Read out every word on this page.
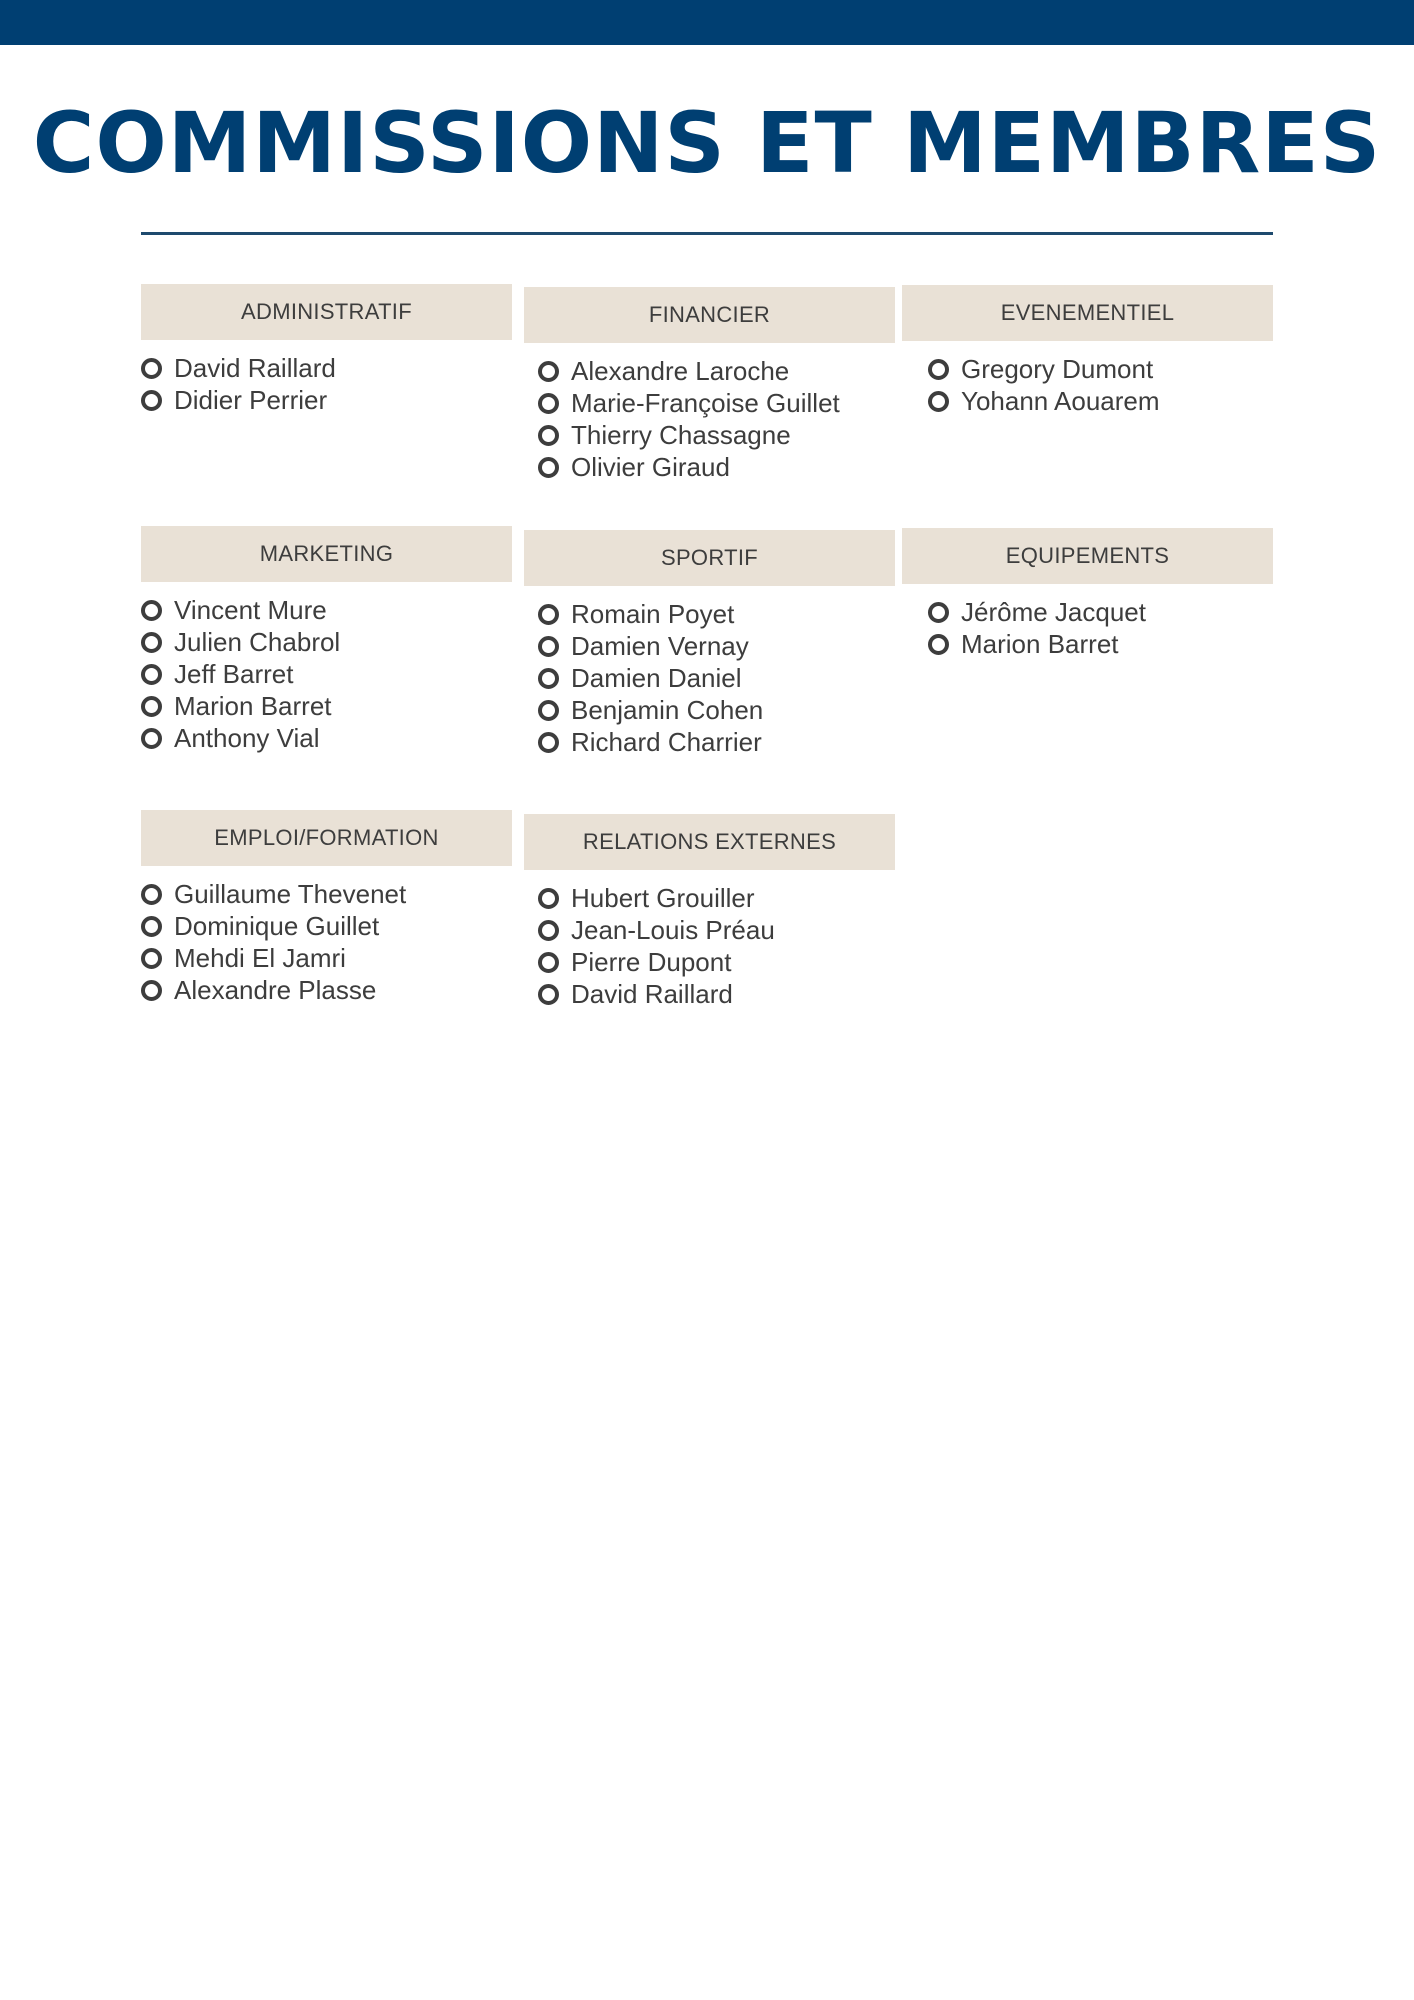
COMMISSIONS ET MEMBRES
ADMINISTRATIF
David Raillard
Didier Perrier
FINANCIER
Alexandre Laroche
Marie-Françoise Guillet
Thierry Chassagne
Olivier Giraud
EVENEMENTIEL
Gregory Dumont
Yohann Aouarem
MARKETING
Vincent Mure
Julien Chabrol
Jeff Barret
Marion Barret
Anthony Vial
SPORTIF
Romain Poyet
Damien Vernay
Damien Daniel
Benjamin Cohen
Richard Charrier
EQUIPEMENTS
Jérôme Jacquet
Marion Barret
EMPLOI/FORMATION
Guillaume Thevenet
Dominique Guillet
Mehdi El Jamri
Alexandre Plasse
RELATIONS EXTERNES
Hubert Grouiller
Jean-Louis Préau
Pierre Dupont
David Raillard
